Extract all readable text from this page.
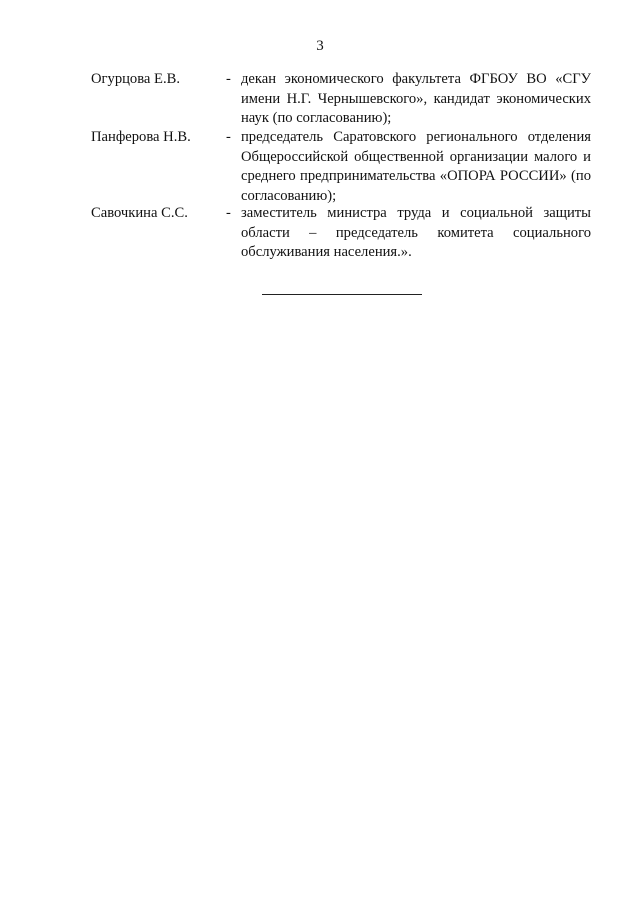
3
Огурцова Е.В.	- декан экономического факультета ФГБОУ ВО «СГУ имени Н.Г. Чернышевского», кандидат экономических наук (по согласованию);
Панферова Н.В. - председатель Саратовского регионального отделения Общероссийской общественной организации малого и среднего предпринимательства «ОПОРА РОССИИ» (по согласованию);
Савочкина С.С.	- заместитель министра труда и социальной защиты области – председатель комитета социального обслуживания населения.».
